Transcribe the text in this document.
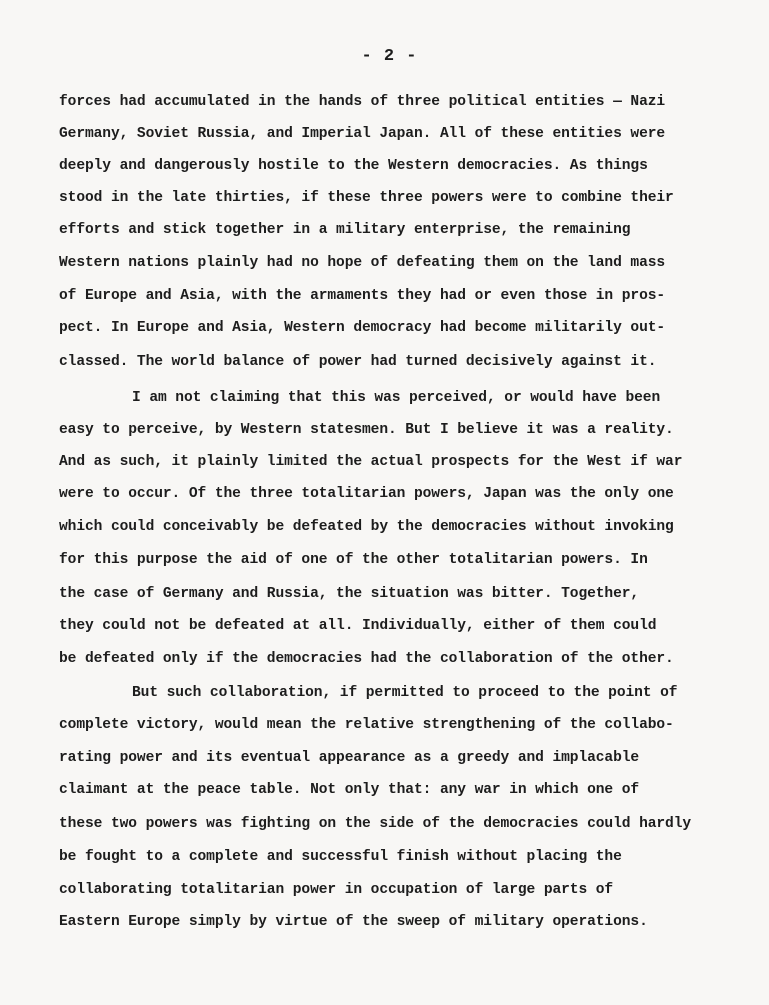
- 2 -
forces had accumulated in the hands of three political entities — Nazi
Germany, Soviet Russia, and Imperial Japan. All of these entities were
deeply and dangerously hostile to the Western democracies. As things
stood in the late thirties, if these three powers were to combine their
efforts and stick together in a military enterprise, the remaining
Western nations plainly had no hope of defeating them on the land mass
of Europe and Asia, with the armaments they had or even those in pros-
pect. In Europe and Asia, Western democracy had become militarily out-
classed. The world balance of power had turned decisively against it.
I am not claiming that this was perceived, or would have been
easy to perceive, by Western statesmen. But I believe it was a reality.
And as such, it plainly limited the actual prospects for the West if war
were to occur. Of the three totalitarian powers, Japan was the only one
which could conceivably be defeated by the democracies without invoking
for this purpose the aid of one of the other totalitarian powers. In
the case of Germany and Russia, the situation was bitter. Together,
they could not be defeated at all. Individually, either of them could
be defeated only if the democracies had the collaboration of the other.
But such collaboration, if permitted to proceed to the point of
complete victory, would mean the relative strengthening of the collabo-
rating power and its eventual appearance as a greedy and implacable
claimant at the peace table. Not only that: any war in which one of
these two powers was fighting on the side of the democracies could hardly
be fought to a complete and successful finish without placing the
collaborating totalitarian power in occupation of large parts of
Eastern Europe simply by virtue of the sweep of military operations.
